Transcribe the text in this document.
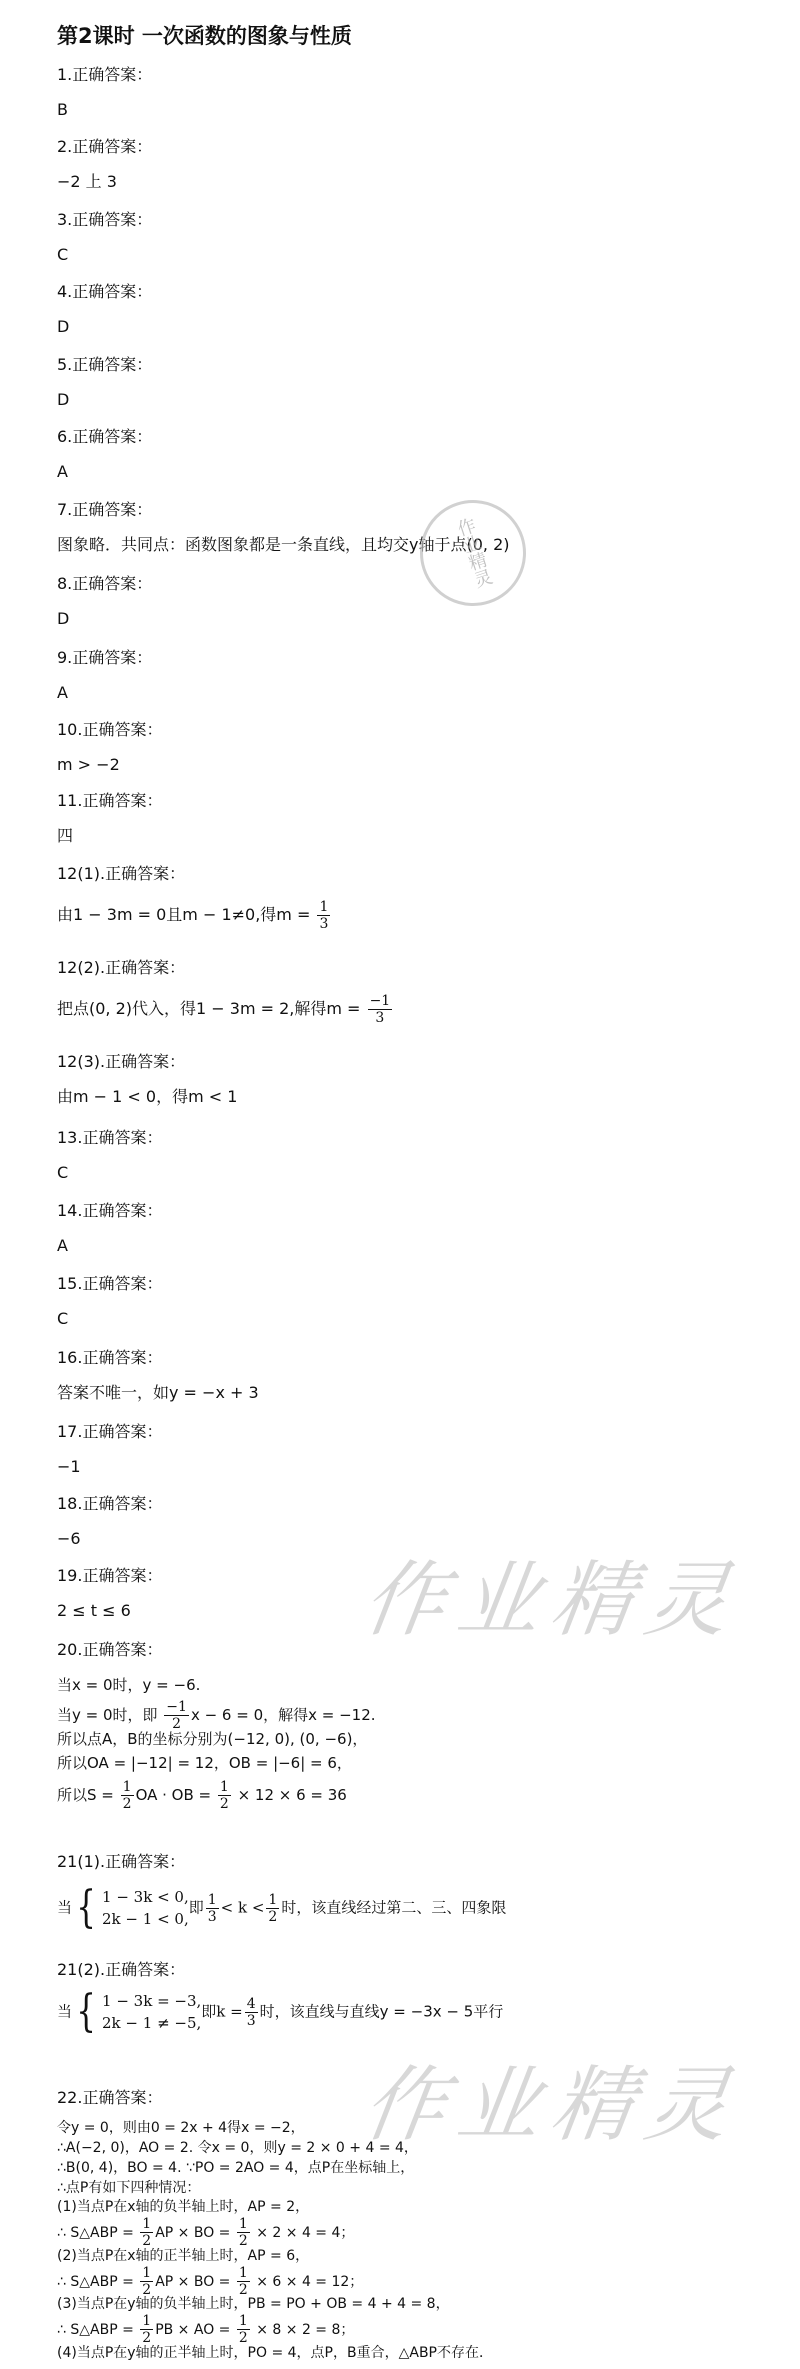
第2课时 一次函数的图象与性质
1.正确答案：
B
2.正确答案：
−2 上 3
3.正确答案：
C
4.正确答案：
D
5.正确答案：
D
6.正确答案：
A
7.正确答案：
图象略．共同点：函数图象都是一条直线，且均交y轴于点(0, 2)
8.正确答案：
D
9.正确答案：
A
10.正确答案：
m > −2
11.正确答案：
四
12(1).正确答案：
由1 − 3m = 0且m − 1≠0,得$m = \frac{1}{3}$
12(2).正确答案：
把点(0, 2)代入，得1 − 3m = 2,解得$m = \frac{-1}{3}$
12(3).正确答案：
由m − 1 < 0，得m < 1
13.正确答案：
C
14.正确答案：
A
15.正确答案：
C
16.正确答案：
答案不唯一，如y = −x + 3
17.正确答案：
−1
18.正确答案：
−6
19.正确答案：
2 ≤ t ≤ 6
20.正确答案：
21(1).正确答案：
21(2).正确答案：
22.正确答案：
当x = 0时，y = −6.
当y = 0时，即 $\frac{-1}{2}$ x − 6 = 0，解得x = −12.
所以点A，B的坐标分别为(−12, 0), (0, −6)，
所以OA = |−12| = 12，OB = |−6| = 6，
所以$S = \frac{1}{2}$ OA · OB = $\frac{1}{2} \times 12 \times 6 = 36$
当 { 1 − 3k < 0,
2k − 1 < 0,
即 $\frac{1}{3} < k < \frac{1}{2}$ 时，该直线经过第二、三、四象限
当 { 1 − 3k = −3,
2k − 1 ≠ −5,
即$k = \frac{4}{3}$ 时，该直线与直线y = −3x − 5平行
令y = 0，则由0 = 2x + 4得x = −2，
∴A(−2, 0)，AO = 2. 令x = 0，则y = 2 × 0 + 4 = 4，
∴B(0, 4)，BO = 4. ∵PO = 2AO = 4，点P在坐标轴上，
∴点P有如下四种情况：
(1)当点P在x轴的负半轴上时，AP = 2，
∴ S△ABP = $\frac{1}{2}$ AP × BO = $\frac{1}{2} \times 2 \times 4 = 4$；
(2)当点P在x轴的正半轴上时，AP = 6，
∴ S△ABP = $\frac{1}{2}$ AP × BO = $\frac{1}{2} \times 6 \times 4 = 12$；
(3)当点P在y轴的负半轴上时，PB = PO + OB = 4 + 4 = 8，
∴ S△ABP = $\frac{1}{2}$ PB × AO = $\frac{1}{2} \times 8 \times 2 = 8$；
(4)当点P在y轴的正半轴上时，PO = 4，点P，B重合，△ABP不存在．
作业精灵
作业精灵
作业精灵
